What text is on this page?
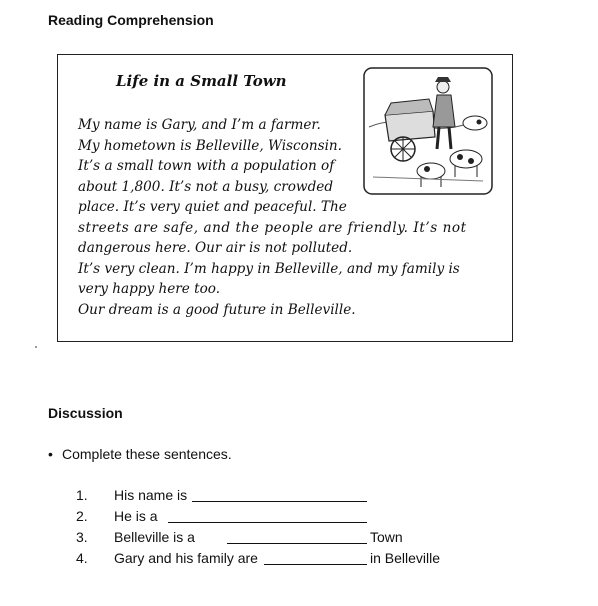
Reading Comprehension
Life in a Small Town
My name is Gary, and I’m a farmer.
My hometown is Belleville, Wisconsin.
It’s a small town with a population of
about 1,800. It’s not a busy, crowded
place. It’s very quiet and peaceful. The
streets are safe, and the people are friendly. It’s not
dangerous here. Our air is not polluted.
It’s very clean. I’m happy in Belleville, and my family is
very happy here too.
Our dream is a good future in Belleville.
Discussion
• Complete these sentences.
1. His name is
2. He is a
3. Belleville is a	Town
4. Gary and his family are	in Belleville
